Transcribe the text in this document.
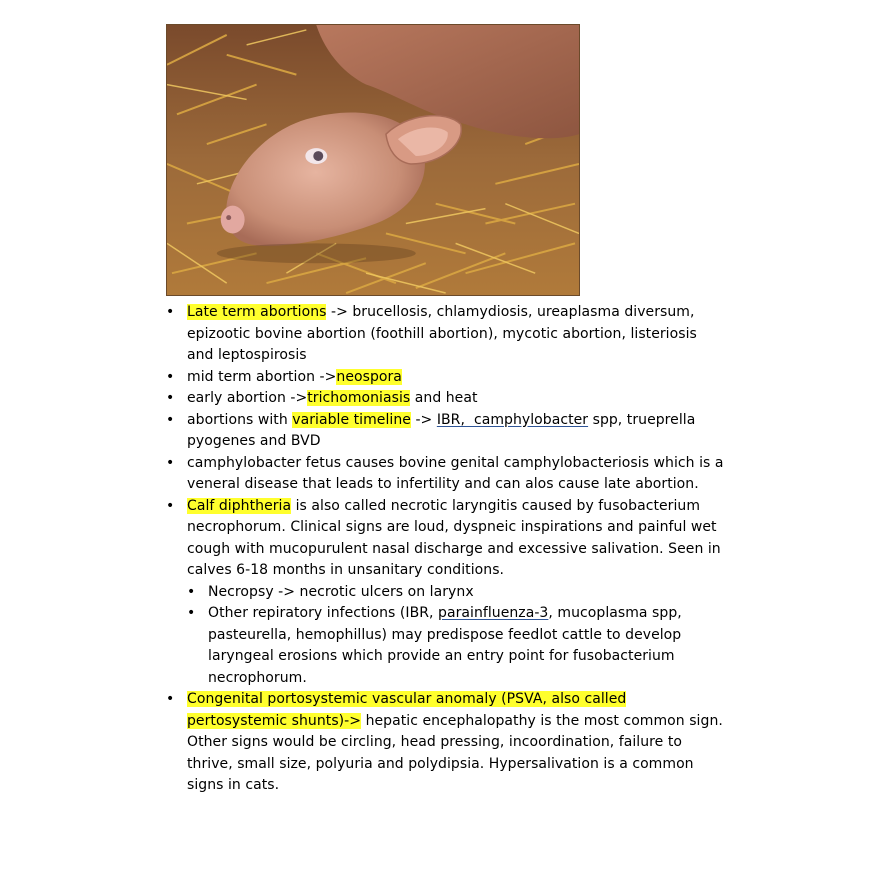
• Late term abortions -> brucellosis, chlamydiosis, ureaplasma diversum, epizootic bovine abortion (foothill abortion), mycotic abortion, listeriosis and leptospirosis
• mid term abortion ->neospora
• early abortion ->trichomoniasis and heat
• abortions with variable timeline -> IBR,  camphylobacter spp, trueprella pyogenes and BVD
• camphylobacter fetus causes bovine genital camphylobacteriosis which is a veneral disease that leads to infertility and can alos cause late abortion.
• Calf diphtheria is also called necrotic laryngitis caused by fusobacterium necrophorum. Clinical signs are loud, dyspneic inspirations and painful wet cough with mucopurulent nasal discharge and excessive salivation. Seen in calves 6-18 months in unsanitary conditions.
• Necropsy -> necrotic ulcers on larynx
• Other repiratory infections (IBR, parainfluenza-3, mucoplasma spp, pasteurella, hemophillus) may predispose feedlot cattle to develop laryngeal erosions which provide an entry point for fusobacterium necrophorum.
• Congenital portosystemic vascular anomaly (PSVA, also called pertosystemic shunts)-> hepatic encephalopathy is the most common sign. Other signs would be circling, head pressing, incoordination, failure to thrive, small size, polyuria and polydipsia. Hypersalivation is a common signs in cats.
